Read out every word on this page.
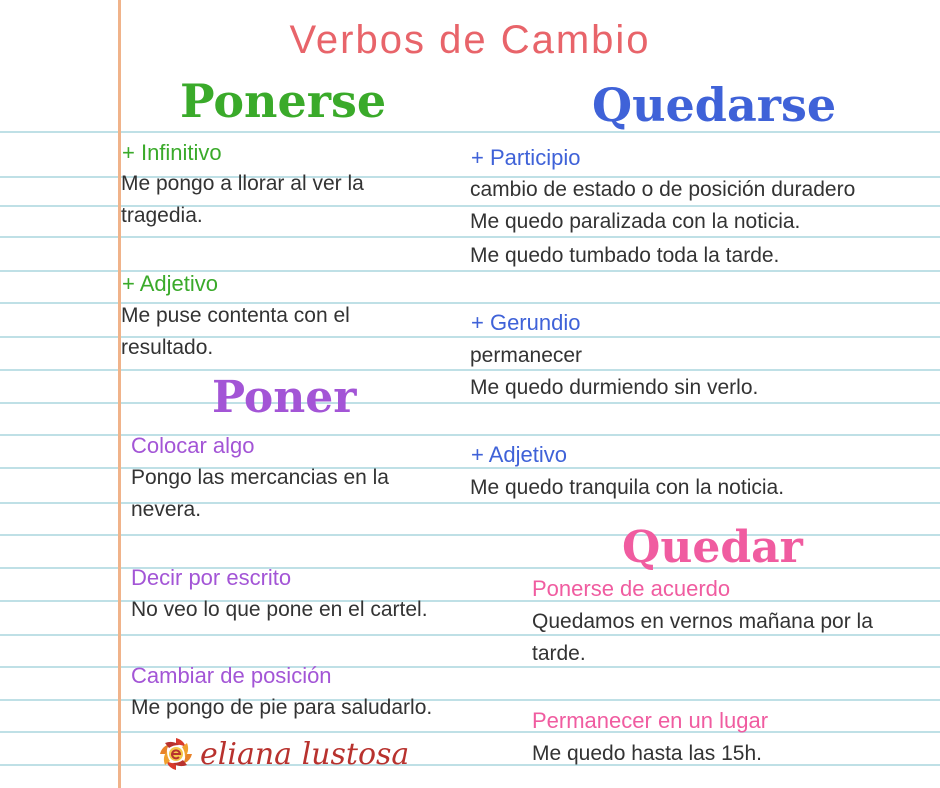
Verbos de Cambio
Ponerse
+ Infinitivo
Me pongo a llorar al ver la
tragedia.
+ Adjetivo
Me puse contenta con el
resultado.
Quedarse
+ Participio
cambio de estado o de posición duradero
Me quedo paralizada con la noticia.
Me quedo tumbado toda la tarde.
+ Gerundio
permanecer
Me quedo durmiendo sin verlo.
+ Adjetivo
Me quedo tranquila con la noticia.
Poner
Colocar algo
Pongo las mercancias en la
nevera.
Decir por escrito
No veo lo que pone en el cartel.
Cambiar de posición
Me pongo de pie para saludarlo.
Quedar
Ponerse de acuerdo
Quedamos en vernos mañana por la
tarde.
Permanecer en un lugar
Me quedo hasta las 15h.
eliana lustosa
